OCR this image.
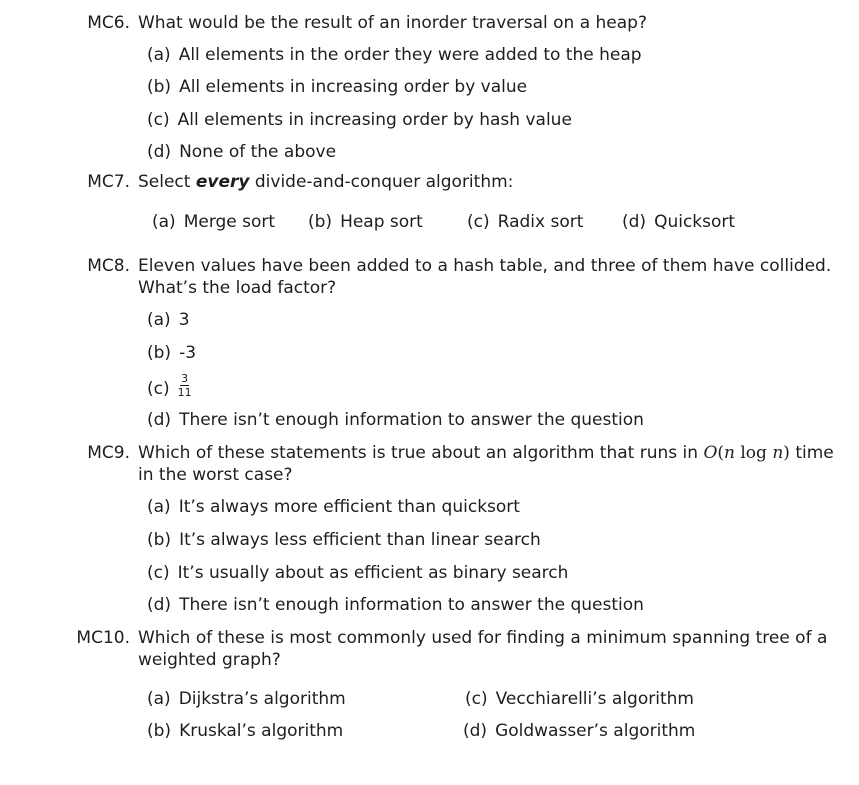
MC6. What would be the result of an inorder traversal on a heap?
(a) All elements in the order they were added to the heap
(b) All elements in increasing order by value
(c) All elements in increasing order by hash value
(d) None of the above
MC7. Select every divide-and-conquer algorithm:
(a) Merge sort (b) Heap sort	(c) Radix sort (d) Quicksort
MC8. Eleven values have been added to a hash table, and three of them have collided.
What’s the load factor?
(a) 3
(b) -3
$(c) \frac{3}{11}$
(d) There isn’t enough information to answer the question
MC9. Which of these statements is true about an algorithm that runs in O(n log n) time
in the worst case?
(a) It’s always more efficient than quicksort
(b) It’s always less efficient than linear search
(c) It’s usually about as efficient as binary search
(d) There isn’t enough information to answer the question
MC10. Which of these is most commonly used for finding a minimum spanning tree of a
weighted graph?
(a) Dijkstra’s algorithm
(b) Kruskal’s algorithm
(c) Vecchiarelli’s algorithm
(d) Goldwasser’s algorithm
